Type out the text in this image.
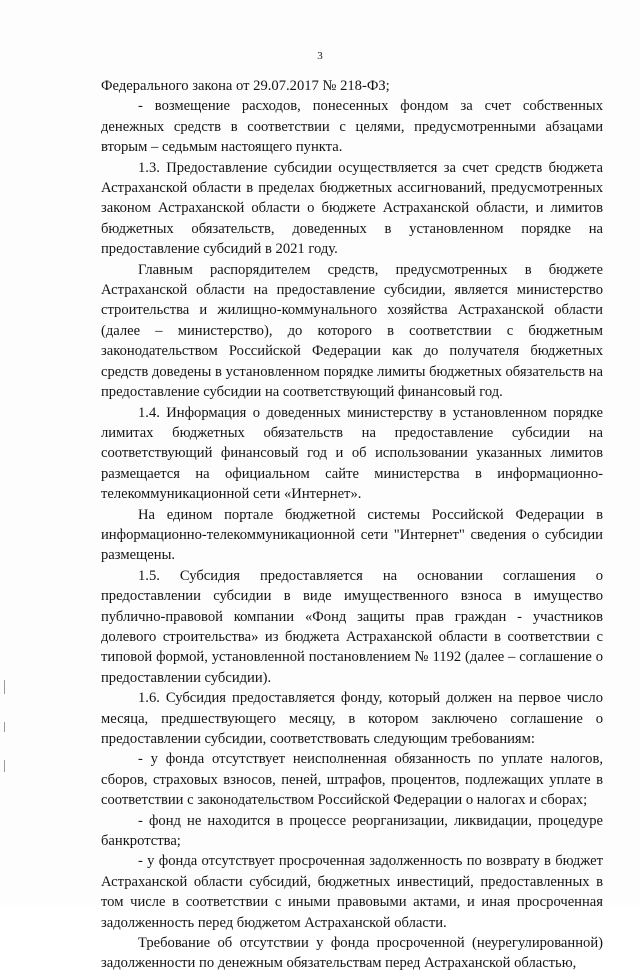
3

Федерального закона от 29.07.2017 № 218-ФЗ;

- возмещение расходов, понесенных фондом за счет собственных денежных средств в соответствии с целями, предусмотренными абзацами вторым – седьмым настоящего пункта.

1.3. Предоставление субсидии осуществляется за счет средств бюджета Астраханской области в пределах бюджетных ассигнований, предусмотренных законом Астраханской области о бюджете Астраханской области, и лимитов бюджетных обязательств, доведенных в установленном порядке на предоставление субсидий в 2021 году.

Главным распорядителем средств, предусмотренных в бюджете Астраханской области на предоставление субсидии, является министерство строительства и жилищно-коммунального хозяйства Астраханской области (далее – министерство), до которого в соответствии с бюджетным законодательством Российской Федерации как до получателя бюджетных средств доведены в установленном порядке лимиты бюджетных обязательств на предоставление субсидии на соответствующий финансовый год.

1.4. Информация о доведенных министерству в установленном порядке лимитах бюджетных обязательств на предоставление субсидии на соответствующий финансовый год и об использовании указанных лимитов размещается на официальном сайте министерства в информационно-телекоммуникационной сети «Интернет».

На едином портале бюджетной системы Российской Федерации в информационно-телекоммуникационной сети "Интернет" сведения о субсидии размещены.

1.5. Субсидия предоставляется на основании соглашения о предоставлении субсидии в виде имущественного взноса в имущество публично-правовой компании «Фонд защиты прав граждан - участников долевого строительства» из бюджета Астраханской области в соответствии с типовой формой, установленной постановлением № 1192 (далее – соглашение о предоставлении субсидии).

1.6. Субсидия предоставляется фонду, который должен на первое число месяца, предшествующего месяцу, в котором заключено соглашение о предоставлении субсидии, соответствовать следующим требованиям:

- у фонда отсутствует неисполненная обязанность по уплате налогов, сборов, страховых взносов, пеней, штрафов, процентов, подлежащих уплате в соответствии с законодательством Российской Федерации о налогах и сборах;

- фонд не находится в процессе реорганизации, ликвидации, процедуре банкротства;

- у фонда отсутствует просроченная задолженность по возврату в бюджет Астраханской области субсидий, бюджетных инвестиций, предоставленных в том числе в соответствии с иными правовыми актами, и иная просроченная задолженность перед бюджетом Астраханской области.

Требование об отсутствии у фонда просроченной (неурегулированной) задолженности по денежным обязательствам перед Астраханской областью,
